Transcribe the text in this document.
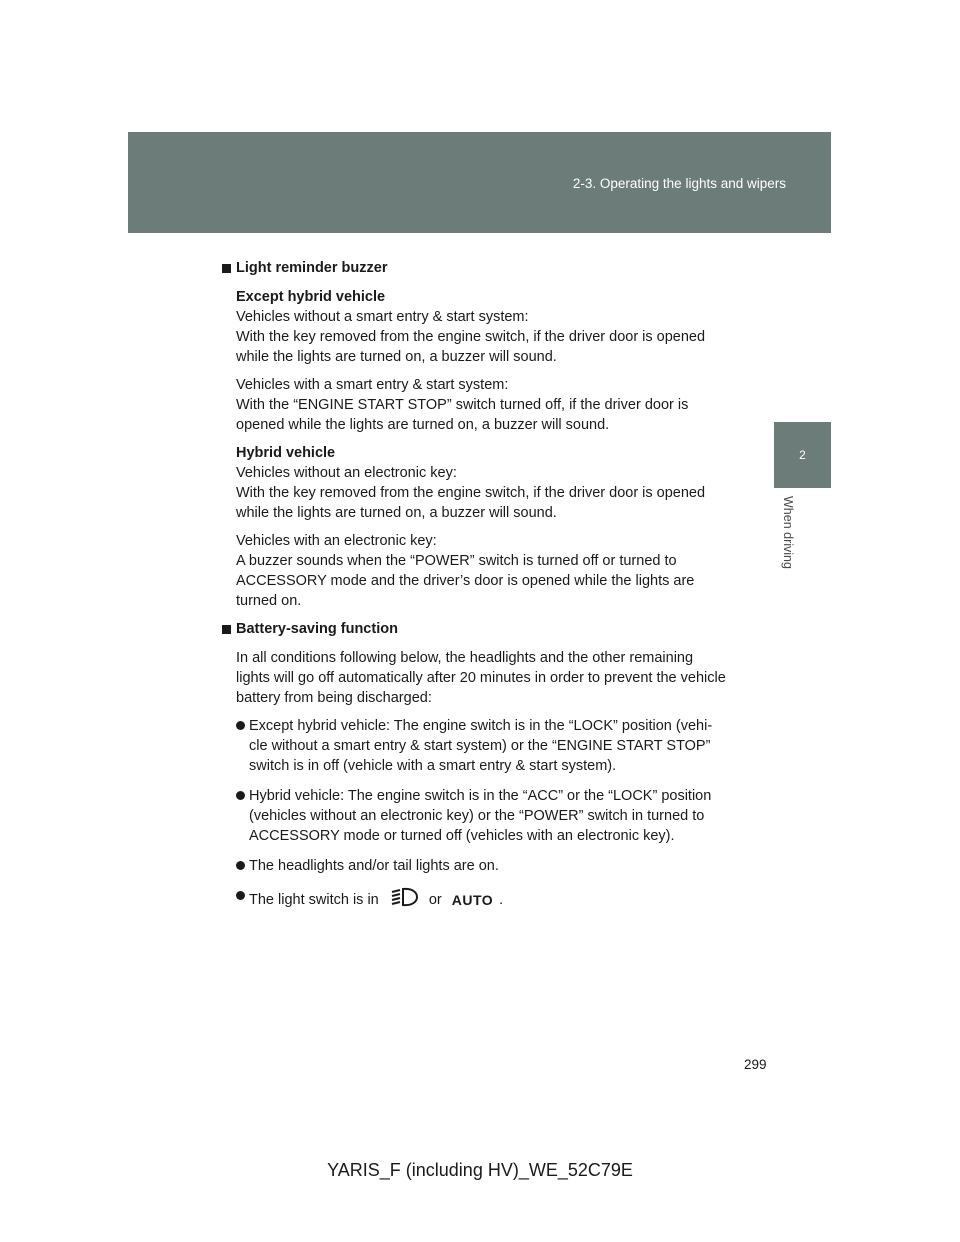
2-3. Operating the lights and wipers
2
When driving
Light reminder buzzer
Except hybrid vehicle
Vehicles without a smart entry & start system:
With the key removed from the engine switch, if the driver door is opened
while the lights are turned on, a buzzer will sound.
Vehicles with a smart entry & start system:
With the “ENGINE START STOP” switch turned off, if the driver door is
opened while the lights are turned on, a buzzer will sound.
Hybrid vehicle
Vehicles without an electronic key:
With the key removed from the engine switch, if the driver door is opened
while the lights are turned on, a buzzer will sound.
Vehicles with an electronic key:
A buzzer sounds when the “POWER” switch is turned off or turned to
ACCESSORY mode and the driver’s door is opened while the lights are
turned on.
Battery-saving function
In all conditions following below, the headlights and the other remaining
lights will go off automatically after 20 minutes in order to prevent the vehicle
battery from being discharged:
Except hybrid vehicle: The engine switch is in the “LOCK” position (vehi-
cle without a smart entry & start system) or the “ENGINE START STOP”
switch is in off (vehicle with a smart entry & start system).
Hybrid vehicle: The engine switch is in the “ACC” or the “LOCK” position
(vehicles without an electronic key) or the “POWER” switch in turned to
ACCESSORY mode or turned off (vehicles with an electronic key).
The headlights and/or tail lights are on.
The light switch is in	or AUTO .
299
YARIS_F (including HV)_WE_52C79E
